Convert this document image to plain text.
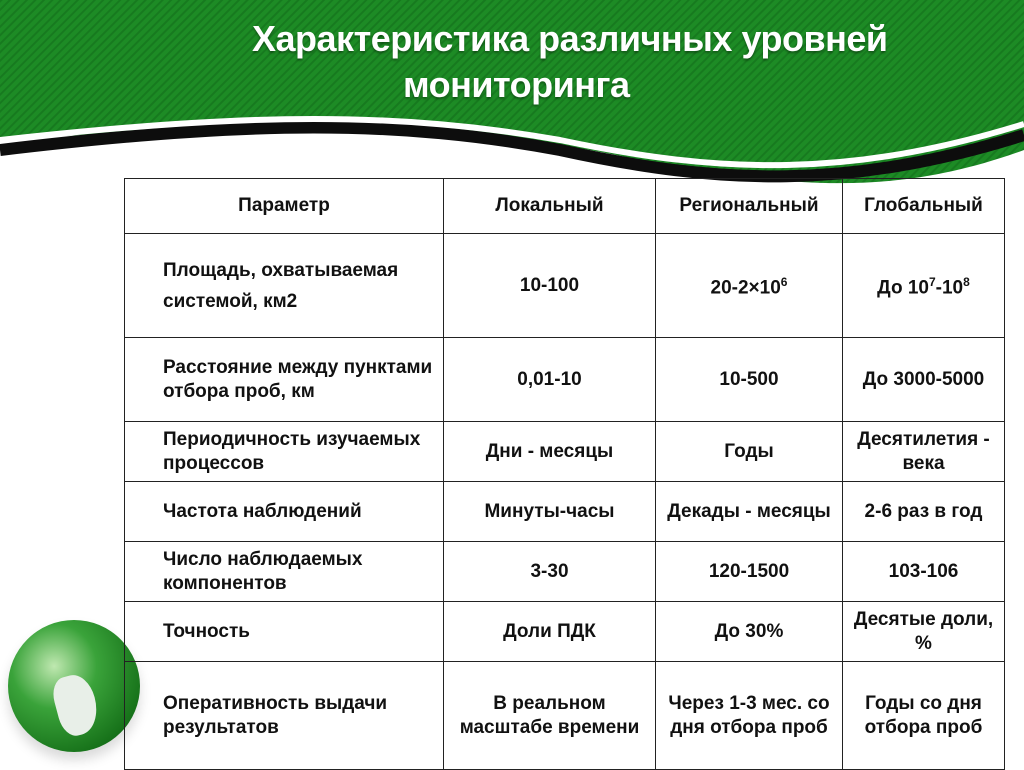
Характеристика различных уровней
мониторинга
Параметр	Локальный	Региональный	Глобальный
Площадь, охватываемая системой, км2	10-100	$20-2\times 10^6$	До $10^7-10^8$
Расстояние между пунктами отбора проб, км	0,01-10	10-500	До 3000-5000
Периодичность изучаемых процессов	Дни - месяцы	Годы	Десятилетия - века
Частота наблюдений	Минуты-часы	Декады - месяцы	2-6 раз в год
Число наблюдаемых компонентов	3-30	120-1500	103-106
Точность	Доли ПДК	До 30%	Десятые доли, %
Оперативность выдачи результатов	В реальном масштабе времени	Через 1-3 мес. со дня отбора проб	Годы со дня отбора проб
